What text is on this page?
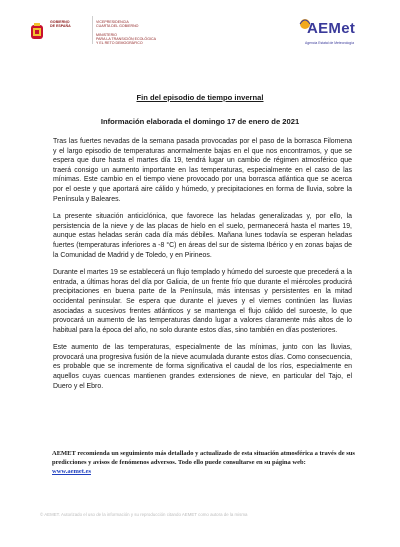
GOBIERNO
DE ESPAÑA
VICEPRESIDENCIA
CUARTA DEL GOBIERNO

MINISTERIO
PARA LA TRANSICIÓN ECOLÓGICA
Y EL RETO DEMOGRÁFICO
AEMet
Agencia Estatal de Meteorología
Fin del episodio de tiempo invernal
Información elaborada el domingo 17 de enero de 2021

Tras las fuertes nevadas de la semana pasada provocadas por el paso de la borrasca Filomena y el largo episodio de temperaturas anormalmente bajas en el que nos encontramos, y que se espera que dure hasta el martes día 19, tendrá lugar un cambio de régimen atmosférico que traerá consigo un aumento importante en las temperaturas, especialmente en el caso de las mínimas. Este cambio en el tiempo viene provocado por una borrasca atlántica que se acerca por el oeste y que aportará aire cálido y húmedo, y precipitaciones en forma de lluvia, sobre la Península y Baleares.

La presente situación anticiclónica, que favorece las heladas generalizadas y, por ello, la persistencia de la nieve y de las placas de hielo en el suelo, permanecerá hasta el martes 19, aunque estas heladas serán cada día más débiles. Mañana lunes todavía se esperan heladas fuertes (temperaturas inferiores a -8 °C) en áreas del sur de sistema Ibérico y en zonas bajas de la Comunidad de Madrid y de Toledo, y en Pirineos.

Durante el martes 19 se establecerá un flujo templado y húmedo del suroeste que precederá a la entrada, a últimas horas del día por Galicia, de un frente frío que durante el miércoles producirá precipitaciones en buena parte de la Península, más intensas y persistentes en la mitad occidental peninsular. Se espera que durante el jueves y el viernes continúen las lluvias asociadas a sucesivos frentes atlánticos y se mantenga el flujo cálido del suroeste, lo que provocará un aumento de las temperaturas dando lugar a valores claramente más altos de lo habitual para la época del año, no solo durante estos días, sino también en días posteriores.

Este aumento de las temperaturas, especialmente de las mínimas, junto con las lluvias, provocará una progresiva fusión de la nieve acumulada durante estos días. Como consecuencia, es probable que se incremente de forma significativa el caudal de los ríos, especialmente en aquellos cuyas cuencas mantienen grandes extensiones de nieve, en particular del Tajo, el Duero y el Ebro.

AEMET recomienda un seguimiento más detallado y actualizado de esta situación atmosférica a través de sus predicciones y avisos de fenómenos adversos. Todo ello puede consultarse en su página web:
www.aemet.es
© AEMET. Autorizado el uso de la información y su reproducción citando AEMET como autora de la misma
